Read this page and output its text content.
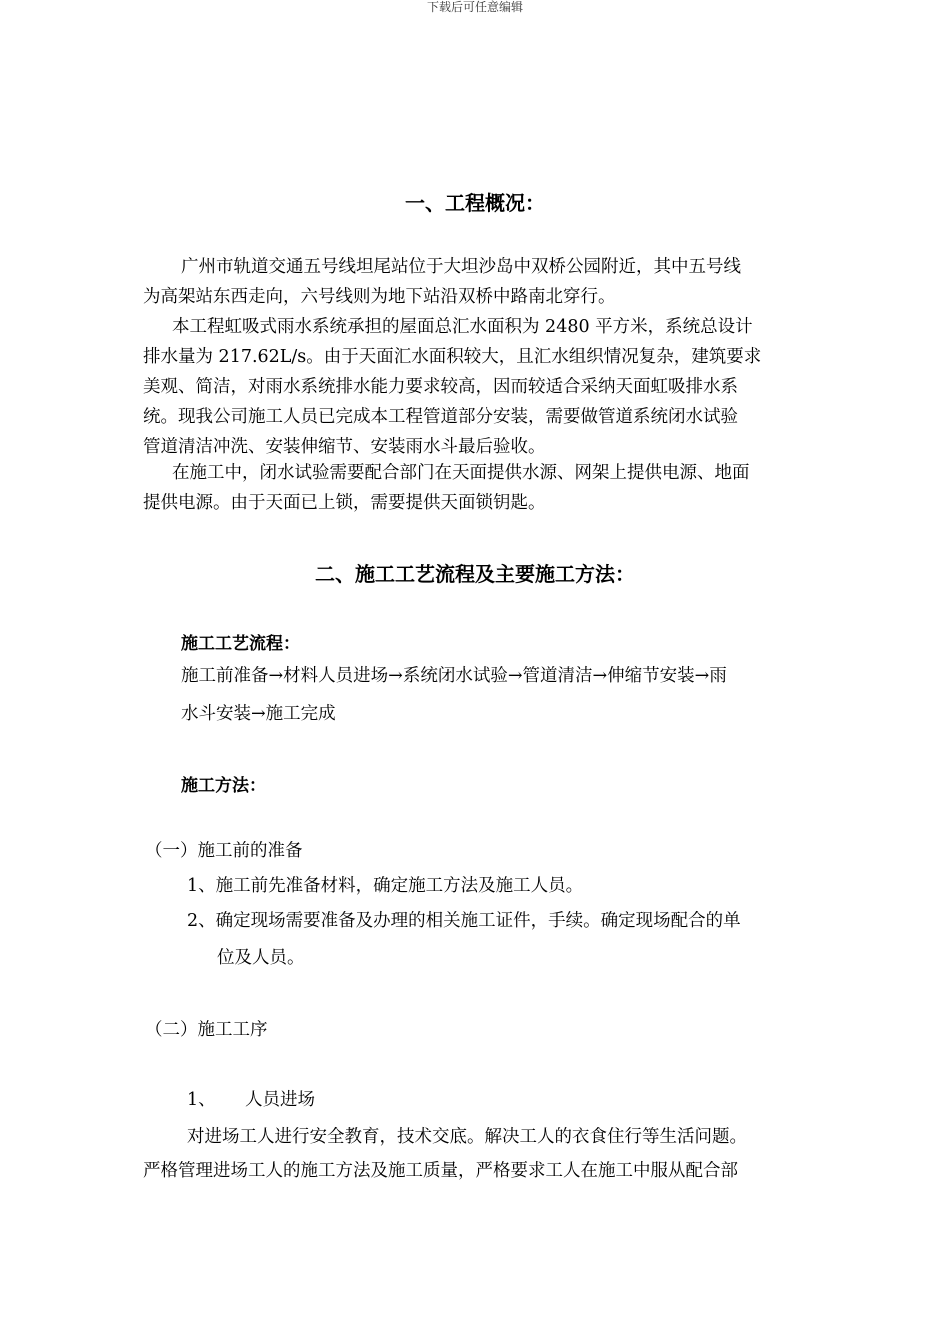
下载后可任意编辑
一、工程概况：
广州市轨道交通五号线坦尾站位于大坦沙岛中双桥公园附近，其中五号线
为高架站东西走向，六号线则为地下站沿双桥中路南北穿行。
本工程虹吸式雨水系统承担的屋面总汇水面积为 2480 平方米，系统总设计
排水量为 217.62L/s。由于天面汇水面积较大，且汇水组织情况复杂，建筑要求
美观、简洁，对雨水系统排水能力要求较高，因而较适合采纳天面虹吸排水系
统。现我公司施工人员已完成本工程管道部分安装，需要做管道系统闭水试验
管道清洁冲洗、安装伸缩节、安装雨水斗最后验收。
在施工中，闭水试验需要配合部门在天面提供水源、网架上提供电源、地面
提供电源。由于天面已上锁，需要提供天面锁钥匙。
二、施工工艺流程及主要施工方法：
施工工艺流程：
施工前准备→材料人员进场→系统闭水试验→管道清洁→伸缩节安装→雨
水斗安装→施工完成
施工方法：
（一）施工前的准备
1、施工前先准备材料，确定施工方法及施工人员。
2、确定现场需要准备及办理的相关施工证件，手续。确定现场配合的单
位及人员。
（二）施工工序
1、 人员进场
对进场工人进行安全教育，技术交底。解决工人的衣食住行等生活问题。
严格管理进场工人的施工方法及施工质量，严格要求工人在施工中服从配合部
